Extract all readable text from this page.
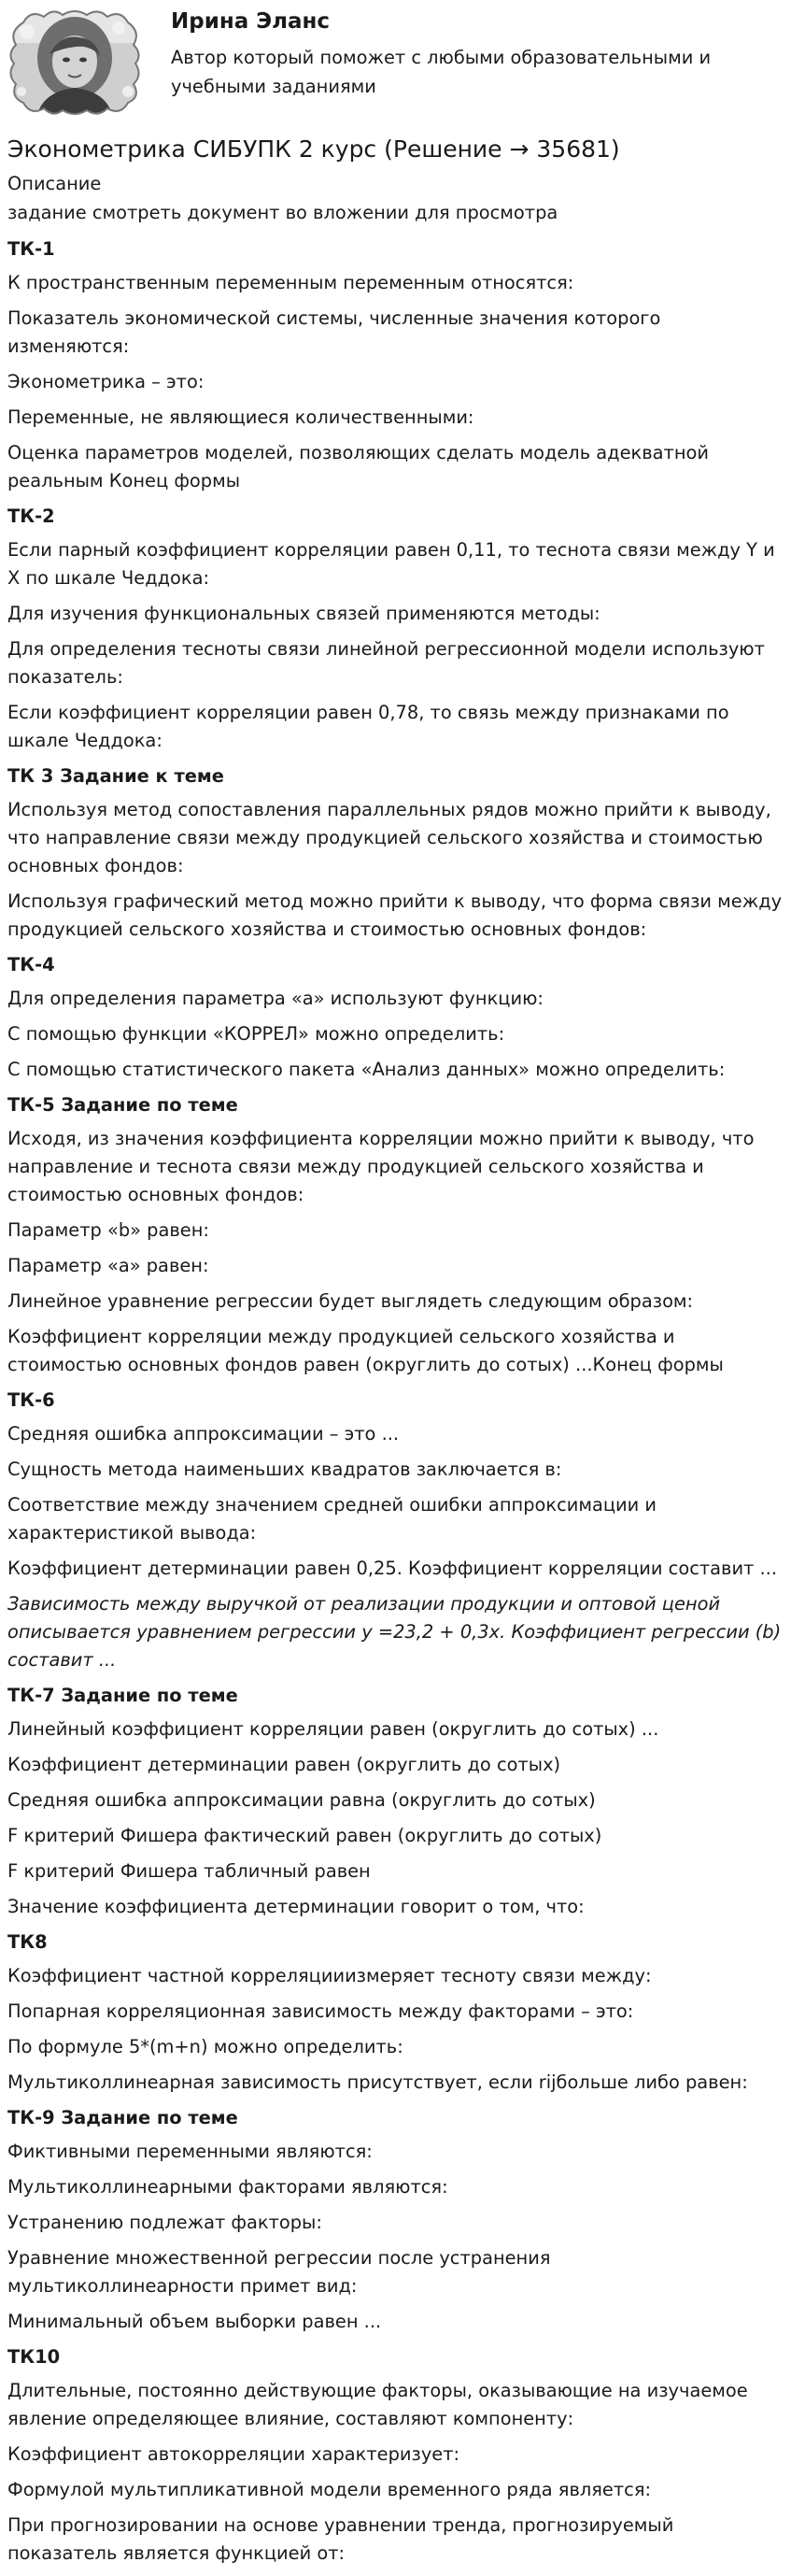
Ирина Эланс
Автор который поможет с любыми образовательными и учебными заданиями
Эконометрика СИБУПК 2 курс (Решение → 35681)
Описание
задание смотреть документ во вложении для просмотра
ТК-1
К пространственным переменным переменным относятся:
Показатель экономической системы, численные значения которого изменяются:
Эконометрика – это:
Переменные, не являющиеся количественными:
Оценка параметров моделей, позволяющих сделать модель адекватной реальным Конец формы
ТК-2
Если парный коэффициент корреляции равен 0,11, то теснота связи между Y и X по шкале Чеддока:
Для изучения функциональных связей применяются методы:
Для определения тесноты связи линейной регрессионной модели используют показатель:
Если коэффициент корреляции равен 0,78, то связь между признаками по шкале Чеддока:
ТК 3 Задание к теме
Используя метод сопоставления параллельных рядов можно прийти к выводу, что направление связи между продукцией сельского хозяйства и стоимостью основных фондов:
Используя графический метод можно прийти к выводу, что форма связи между продукцией сельского хозяйства и стоимостью основных фондов:
ТК-4
Для определения параметра «а» используют функцию:
С помощью функции «КОРРЕЛ» можно определить:
С помощью статистического пакета «Анализ данных» можно определить:
ТК-5 Задание по теме
Исходя, из значения коэффициента корреляции можно прийти к выводу, что направление и теснота связи между продукцией сельского хозяйства и стоимостью основных фондов:
Параметр «b» равен:
Параметр «а» равен:
Линейное уравнение регрессии будет выглядеть следующим образом:
Коэффициент корреляции между продукцией сельского хозяйства и стоимостью основных фондов равен (округлить до сотых) ...Конец формы
ТК-6
Средняя ошибка аппроксимации – это ...
Сущность метода наименьших квадратов заключается в:
Соответствие между значением средней ошибки аппроксимации и характеристикой вывода:
Коэффициент детерминации равен 0,25. Коэффициент корреляции составит ...
Зависимость между выручкой от реализации продукции и оптовой ценой описывается уравнением регрессии у =23,2 + 0,3х. Коэффициент регрессии (b) составит ...
ТК-7 Задание по теме
Линейный коэффициент корреляции равен (округлить до сотых) ...
Коэффициент детерминации равен (округлить до сотых)
Средняя ошибка аппроксимации равна (округлить до сотых)
F критерий Фишера фактический равен (округлить до сотых)
F критерий Фишера табличный равен
Значение коэффициента детерминации говорит о том, что:
ТК8
Коэффициент частной корреляцииизмеряет тесноту связи между:
Попарная корреляционная зависимость между факторами – это:
По формуле 5*(m+n) можно определить:
Мультиколлинеарная зависимость присутствует, если rijбольше либо равен:
ТК-9 Задание по теме
Фиктивными переменными являются:
Мультиколлинеарными факторами являются:
Устранению подлежат факторы:
Уравнение множественной регрессии после устранения мультиколлинеарности примет вид:
Минимальный объем выборки равен ...
ТК10
Длительные, постоянно действующие факторы, оказывающие на изучаемое явление определяющее влияние, составляют компоненту:
Коэффициент автокорреляции характеризует:
Формулой мультипликативной модели временного ряда является:
При прогнозировании на основе уравнении тренда, прогнозируемый показатель является функцией от:
